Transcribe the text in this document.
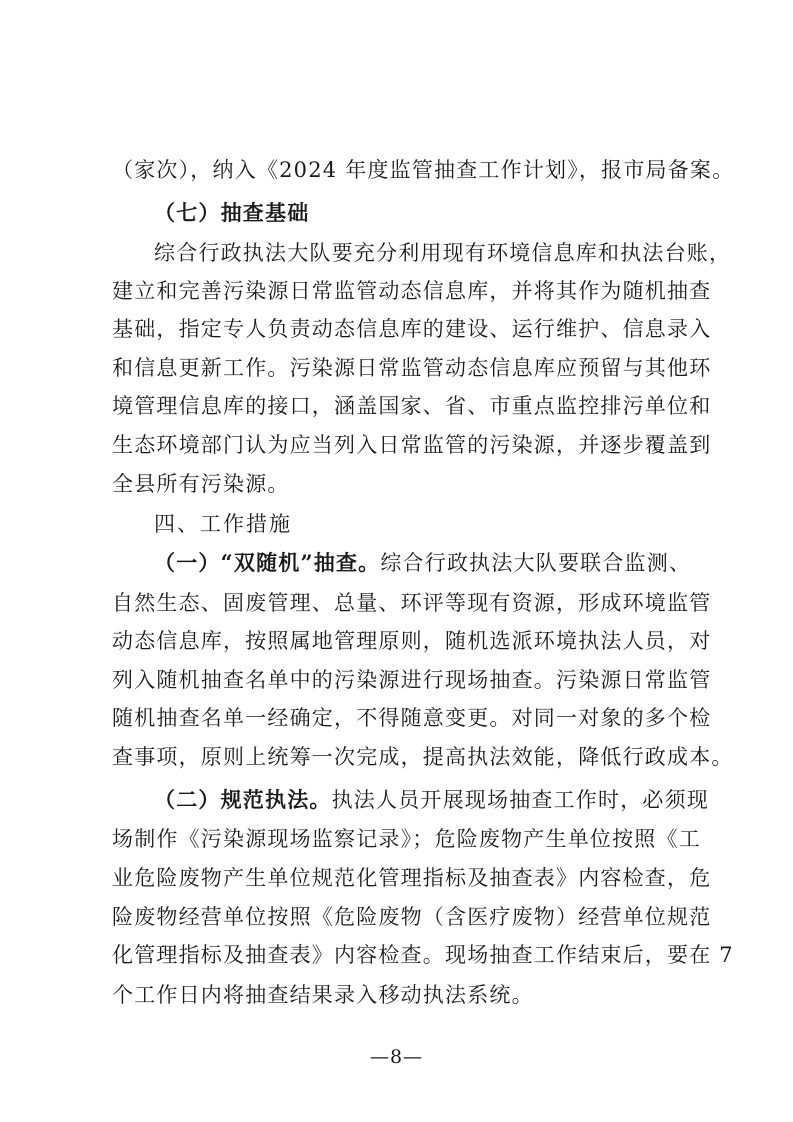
（家次），纳入《2024 年度监管抽查工作计划》，报市局备案。
（七）抽查基础
综合行政执法大队要充分利用现有环境信息库和执法台账，
建立和完善污染源日常监管动态信息库，并将其作为随机抽查
基础，指定专人负责动态信息库的建设、运行维护、信息录入
和信息更新工作。污染源日常监管动态信息库应预留与其他环
境管理信息库的接口，涵盖国家、省、市重点监控排污单位和
生态环境部门认为应当列入日常监管的污染源，并逐步覆盖到
全县所有污染源。
四、工作措施
（一）“双随机”抽查。综合行政执法大队要联合监测、
自然生态、固废管理、总量、环评等现有资源，形成环境监管
动态信息库，按照属地管理原则，随机选派环境执法人员，对
列入随机抽查名单中的污染源进行现场抽查。污染源日常监管
随机抽查名单一经确定，不得随意变更。对同一对象的多个检
查事项，原则上统筹一次完成，提高执法效能，降低行政成本。
（二）规范执法。执法人员开展现场抽查工作时，必须现
场制作《污染源现场监察记录》；危险废物产生单位按照《工
业危险废物产生单位规范化管理指标及抽查表》内容检查，危
险废物经营单位按照《危险废物（含医疗废物）经营单位规范
化管理指标及抽查表》内容检查。现场抽查工作结束后，要在 7
个工作日内将抽查结果录入移动执法系统。
—8—
